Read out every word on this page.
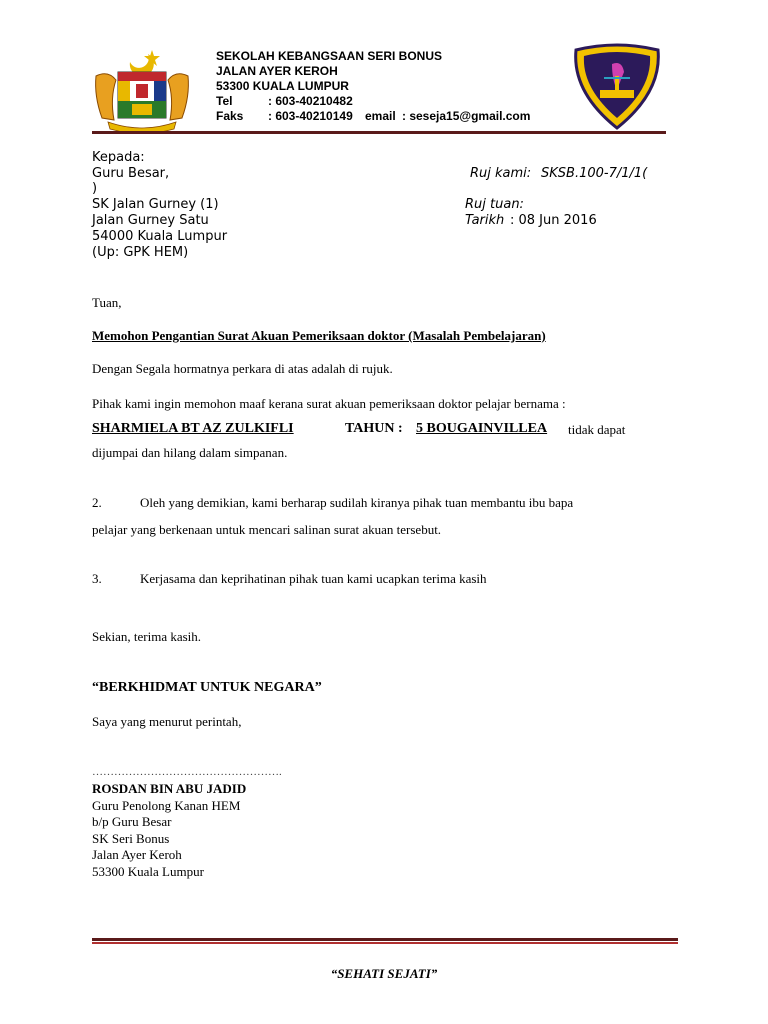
SEKOLAH KEBANGSAAN SERI BONUS
JALAN AYER KEROH
53300 KUALA LUMPUR
Tel	: 603-40210482
Faks : 603-40210149 email : seseja15@gmail.com
Kepada:
Guru Besar,
)
SK Jalan Gurney (1)
Jalan Gurney Satu
54000 Kuala Lumpur
(Up: GPK HEM)
Ruj kami: SKSB.100-7/1/1(
Ruj tuan:
Tarikh : 08 Jun 2016
Tuan,
Memohon Pengantian Surat Akuan Pemeriksaan doktor (Masalah Pembelajaran)
Dengan Segala hormatnya perkara di atas adalah di rujuk.
Pihak kami ingin memohon maaf kerana surat akuan pemeriksaan doktor pelajar bernama :
SHARMIELA BT AZ ZULKIFLI	TAHUN : 5 BOUGAINVILLEA tidak dapat
dijumpai dan hilang dalam simpanan.
2.	Oleh yang demikian, kami berharap sudilah kiranya pihak tuan membantu ibu bapa
pelajar yang berkenaan untuk mencari salinan surat akuan tersebut.
3.	Kerjasama dan keprihatinan pihak tuan kami ucapkan terima kasih
Sekian, terima kasih.
“BERKHIDMAT UNTUK NEGARA”
Saya yang menurut perintah,
…………………………………………….
ROSDAN BIN ABU JADID
Guru Penolong Kanan HEM
b/p Guru Besar
SK Seri Bonus
Jalan Ayer Keroh
53300 Kuala Lumpur
“SEHATI SEJATI”
